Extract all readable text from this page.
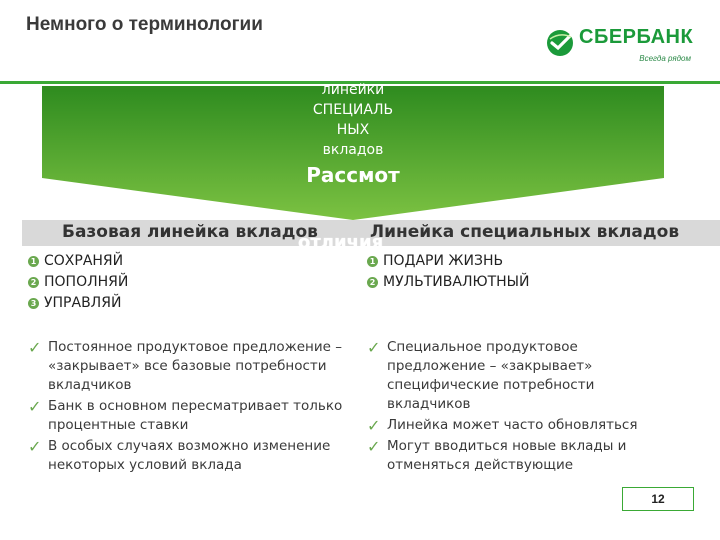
Немного о терминологии
СБЕРБАНК
Всегда рядом
линейки
СПЕЦИАЛЬ
НЫХ
вкладов
Рассмот
Базовая линейка вкладов	Линейка специальных вкладов
отличия
1 СОХРАНЯЙ
2 ПОПОЛНЯЙ
3 УПРАВЛЯЙ
1 ПОДАРИ ЖИЗНЬ
2 МУЛЬТИВАЛЮТНЫЙ
✓ Постоянное продуктовое предложение – «закрывает» все базовые потребности вкладчиков
✓ Банк в основном пересматривает только процентные ставки
✓ В особых случаях возможно изменение некоторых условий вклада
✓ Специальное продуктовое предложение – «закрывает» специфические потребности вкладчиков
✓ Линейка может часто обновляться
✓ Могут вводиться новые вклады и отменяться действующие
12
